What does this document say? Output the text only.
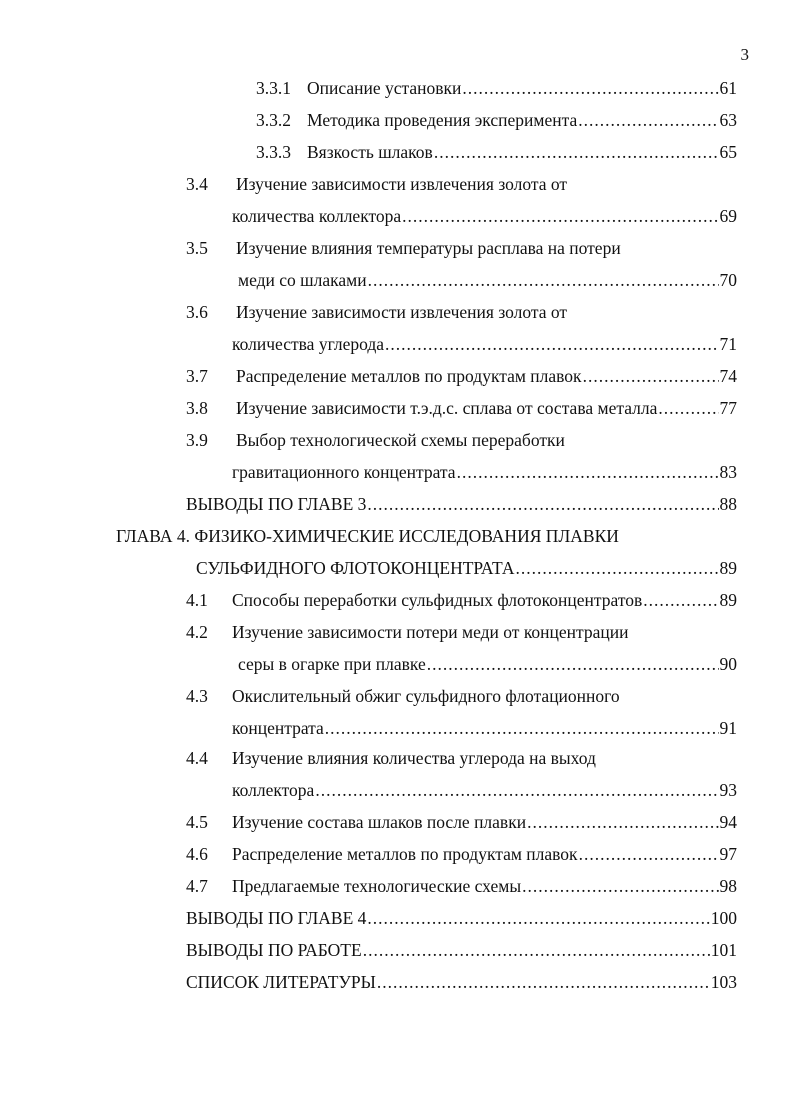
3
3.3.1 Описание установки .....	61
3.3.2 Методика проведения эксперимента .....	63
3.3.3 Вязкость шлаков .....	65
3.4 Изучение зависимости извлечения золота от
количества коллектора .....	69
3.5 Изучение влияния температуры расплава на потери
меди со шлаками .....	70
3.6 Изучение зависимости извлечения золота от
количества углерода .....	71
3.7 Распределение металлов по продуктам плавок .....	74
3.8 Изучение зависимости т.э.д.с. сплава от состава металла .....	77
3.9 Выбор технологической схемы переработки
гравитационного концентрата .....	83
ВЫВОДЫ ПО ГЛАВЕ 3 .....	88
ГЛАВА 4. ФИЗИКО-ХИМИЧЕСКИЕ ИССЛЕДОВАНИЯ ПЛАВКИ
СУЛЬФИДНОГО ФЛОТОКОНЦЕНТРАТА .....	89
4.1 Способы переработки сульфидных флотоконцентратов .....	89
4.2 Изучение зависимости потери меди от концентрации
серы в огарке при плавке .....	90
4.3 Окислительный обжиг сульфидного флотационного
концентрата .....	91
4.4 Изучение влияния количества углерода на выход
коллектора .....	93
4.5 Изучение состава шлаков после плавки .....	94
4.6 Распределение металлов по продуктам плавок .....	97
4.7 Предлагаемые технологические схемы .....	98
ВЫВОДЫ ПО ГЛАВЕ 4 .....	100
ВЫВОДЫ ПО РАБОТЕ .....	101
СПИСОК ЛИТЕРАТУРЫ .....	103
